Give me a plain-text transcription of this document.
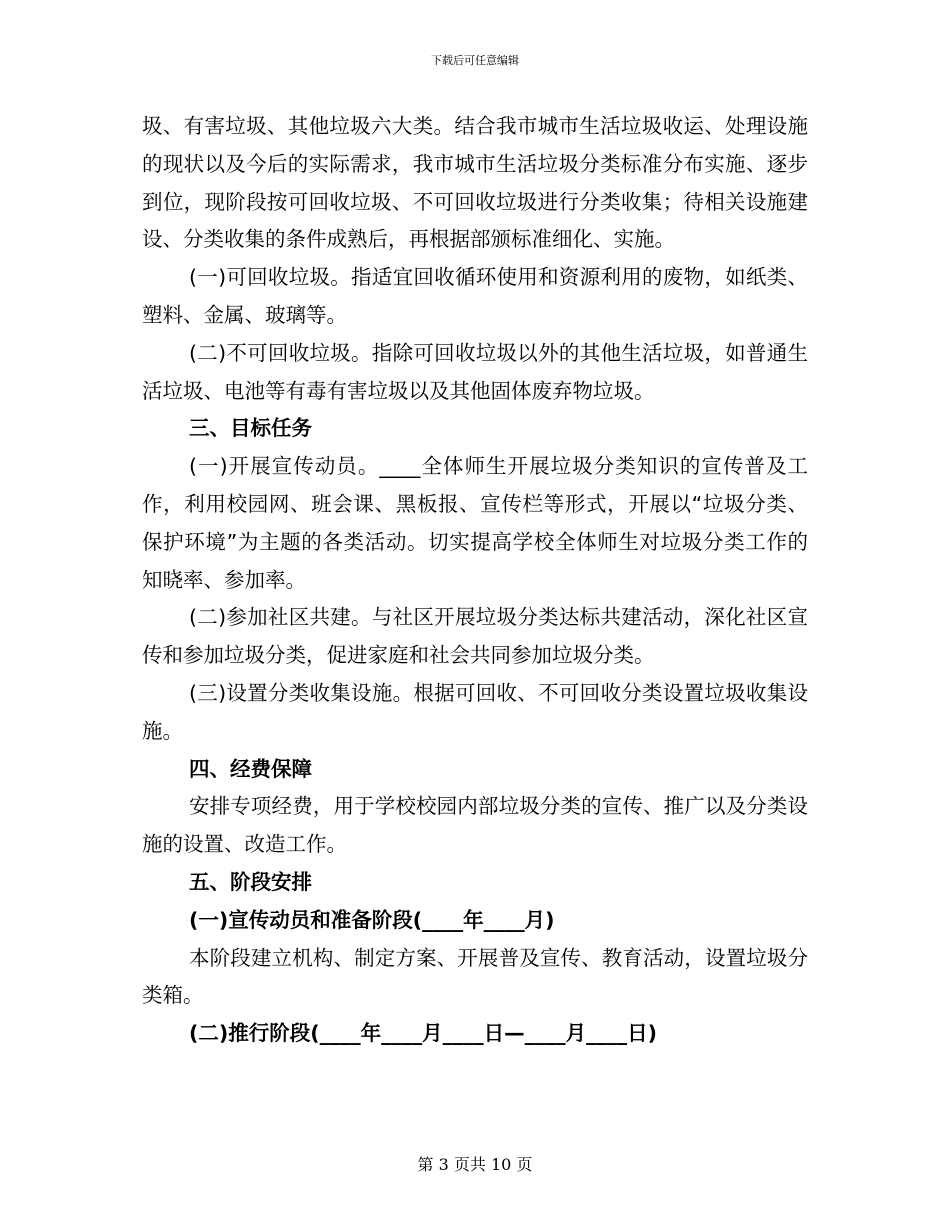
下载后可任意编辑

圾、有害垃圾、其他垃圾六大类。结合我市城市生活垃圾收运、处理设施的现状以及今后的实际需求，我市城市生活垃圾分类标准分布实施、逐步到位，现阶段按可回收垃圾、不可回收垃圾进行分类收集；待相关设施建设、分类收集的条件成熟后，再根据部颁标准细化、实施。

(一)可回收垃圾。指适宜回收循环使用和资源利用的废物，如纸类、塑料、金属、玻璃等。

(二)不可回收垃圾。指除可回收垃圾以外的其他生活垃圾，如普通生活垃圾、电池等有毒有害垃圾以及其他固体废弃物垃圾。

三、目标任务

(一)开展宣传动员。____全体师生开展垃圾分类知识的宣传普及工作，利用校园网、班会课、黑板报、宣传栏等形式，开展以“垃圾分类、保护环境”为主题的各类活动。切实提高学校全体师生对垃圾分类工作的知晓率、参加率。

(二)参加社区共建。与社区开展垃圾分类达标共建活动，深化社区宣传和参加垃圾分类，促进家庭和社会共同参加垃圾分类。

(三)设置分类收集设施。根据可回收、不可回收分类设置垃圾收集设施。

四、经费保障

安排专项经费，用于学校校园内部垃圾分类的宣传、推广以及分类设施的设置、改造工作。

五、阶段安排

(一)宣传动员和准备阶段(____年____月)

本阶段建立机构、制定方案、开展普及宣传、教育活动，设置垃圾分类箱。

(二)推行阶段(____年____月____日—____月____日)

第 3 页共 10 页
